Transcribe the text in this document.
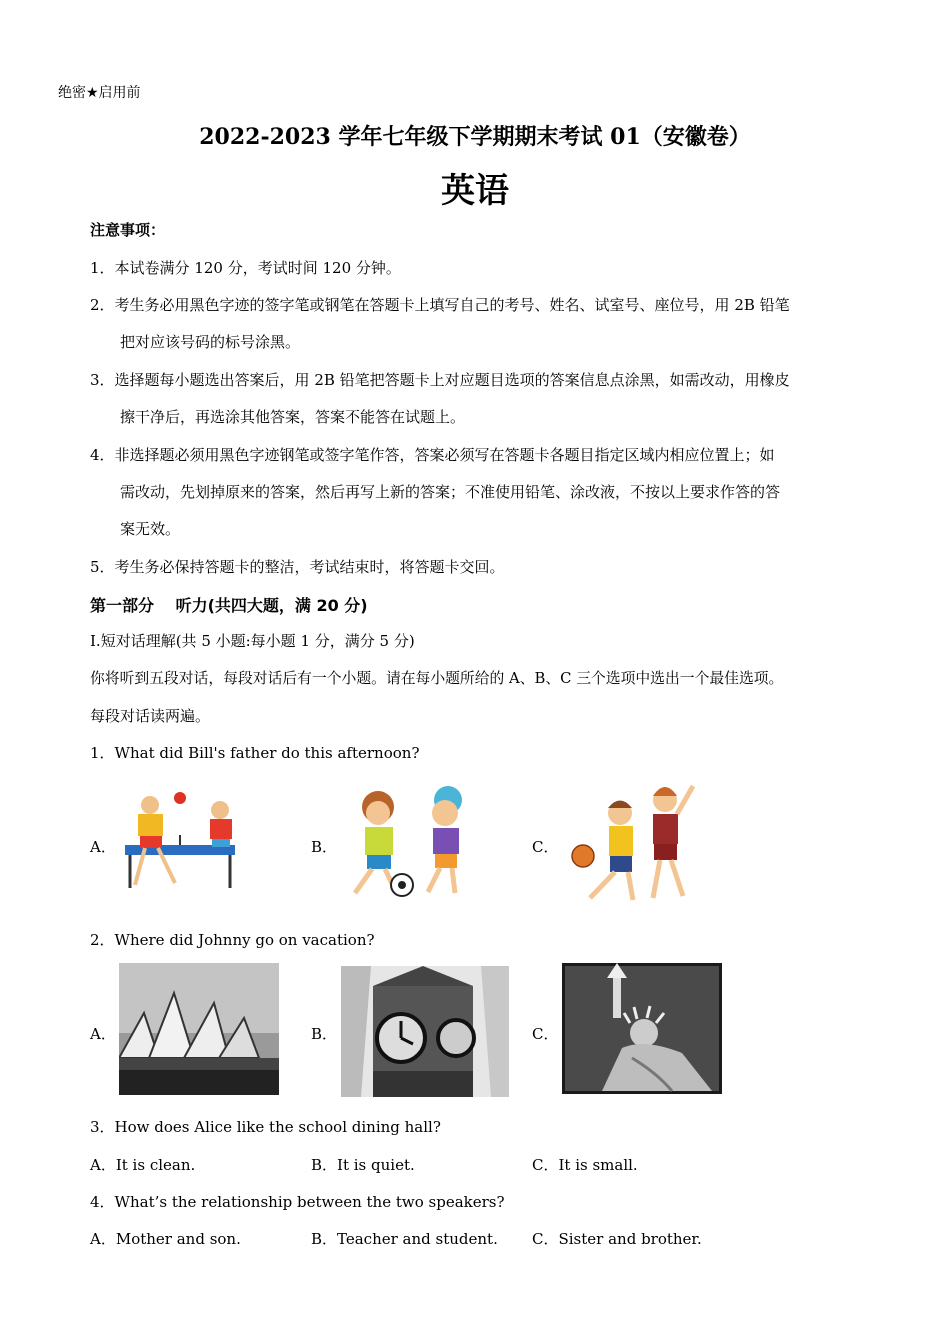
绝密★启用前
2022-2023 学年七年级下学期期末考试 01（安徽卷）
英语
注意事项：
1．本试卷满分 120 分，考试时间 120 分钟。
2．考生务必用黑色字迹的签字笔或钢笔在答题卡上填写自己的考号、姓名、试室号、座位号，用 2B 铅笔
把对应该号码的标号涂黑。
3．选择题每小题选出答案后，用 2B 铅笔把答题卡上对应题目选项的答案信息点涂黑，如需改动，用橡皮
擦干净后，再选涂其他答案，答案不能答在试题上。
4．非选择题必须用黑色字迹钢笔或签字笔作答，答案必须写在答题卡各题目指定区域内相应位置上；如
需改动，先划掉原来的答案，然后再写上新的答案；不准使用铅笔、涂改液，不按以上要求作答的答
案无效。
5．考生务必保持答题卡的整洁，考试结束时，将答题卡交回。
第一部分　 听力(共四大题，满 20 分)
Ⅰ.短对话理解(共 5 小题:每小题 1 分，满分 5 分)
你将听到五段对话，每段对话后有一个小题。请在每小题所给的 A、B、C 三个选项中选出一个最佳选项。
每段对话读两遍。
1．What did Bill's father do this afternoon?
A．	B．	C．
2．Where did Johnny go on vacation?
A．	B．	C．
3．How does Alice like the school dining hall?
A．It is clean.	B．It is quiet.	C．It is small.
4．What’s the relationship between the two speakers?
A．Mother and son.	B．Teacher and student. C．Sister and brother.
